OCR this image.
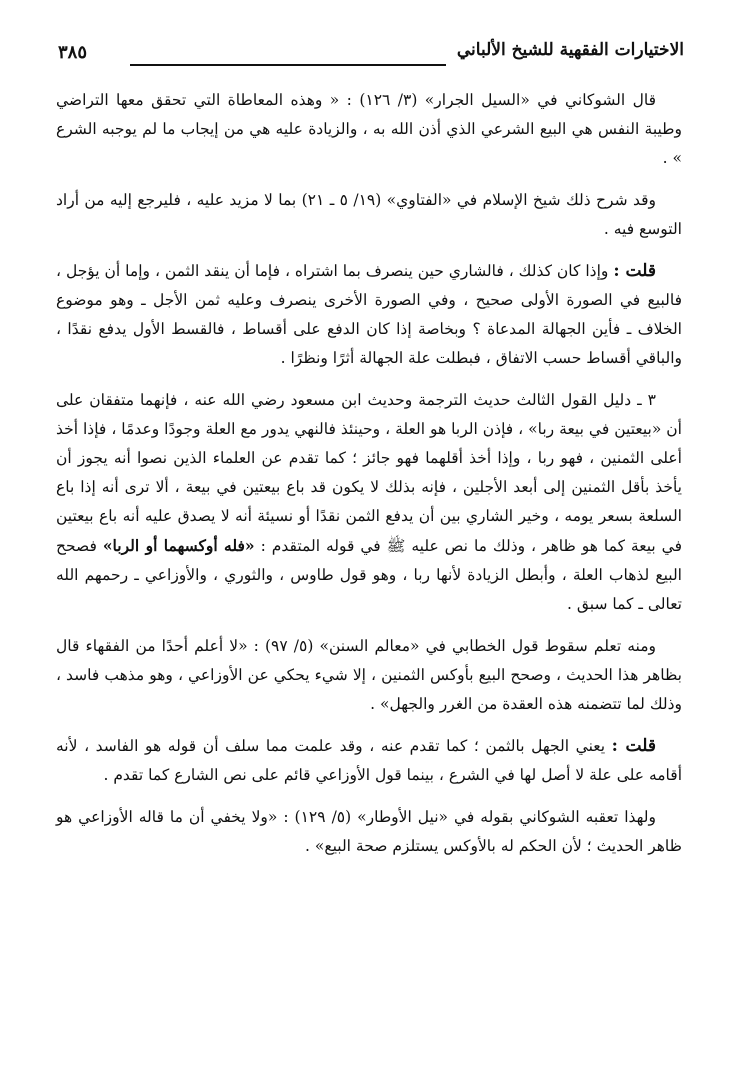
الاختيارات الفقهية للشيخ الألباني
٣٨٥

قال الشوكاني في «السيل الجرار» (٣/ ١٢٦) : « وهذه المعاطاة التي تحقق معها التراضي وطيبة النفس هي البيع الشرعي الذي أذن الله به ، والزيادة عليه هي من إيجاب ما لم يوجبه الشرع » .

وقد شرح ذلك شيخ الإسلام في «الفتاوي» (١٩/ ٥ ـ ٢١) بما لا مزيد عليه ، فليرجع إليه من أراد التوسع فيه .

قلت : وإذا كان كذلك ، فالشاري حين ينصرف بما اشتراه ، فإما أن ينقد الثمن ، وإما أن يؤجل ، فالبيع في الصورة الأولى صحيح ، وفي الصورة الأخرى ينصرف وعليه ثمن الأجل ـ وهو موضوع الخلاف ـ فأين الجهالة المدعاة ؟ وبخاصة إذا كان الدفع على أقساط ، فالقسط الأول يدفع نقدًا ، والباقي أقساط حسب الاتفاق ، فبطلت علة الجهالة أثرًا ونظرًا .

٣ ـ دليل القول الثالث حديث الترجمة وحديث ابن مسعود رضي الله عنه ، فإنهما متفقان على أن «بيعتين في بيعة ربا» ، فإذن الربا هو العلة ، وحينئذ فالنهي يدور مع العلة وجودًا وعدمًا ، فإذا أخذ أعلى الثمنين ، فهو ربا ، وإذا أخذ أقلهما فهو جائز ؛ كما تقدم عن العلماء الذين نصوا أنه يجوز أن يأخذ بأقل الثمنين إلى أبعد الأجلين ، فإنه بذلك لا يكون قد باع بيعتين في بيعة ، ألا ترى أنه إذا باع السلعة بسعر يومه ، وخير الشاري بين أن يدفع الثمن نقدًا أو نسيئة أنه لا يصدق عليه أنه باع بيعتين في بيعة كما هو ظاهر ، وذلك ما نص عليه ﷺ في قوله المتقدم : «فله أوكسهما أو الربا» فصحح البيع لذهاب العلة ، وأبطل الزيادة لأنها ربا ، وهو قول طاوس ، والثوري ، والأوزاعي ـ رحمهم الله تعالى ـ كما سبق .

ومنه تعلم سقوط قول الخطابي في «معالم السنن» (٥/ ٩٧) : «لا أعلم أحدًا من الفقهاء قال بظاهر هذا الحديث ، وصحح البيع بأوكس الثمنين ، إلا شيء يحكي عن الأوزاعي ، وهو مذهب فاسد ، وذلك لما تتضمنه هذه العقدة من الغرر والجهل» .

قلت : يعني الجهل بالثمن ؛ كما تقدم عنه ، وقد علمت مما سلف أن قوله هو الفاسد ، لأنه أقامه على علة لا أصل لها في الشرع ، بينما قول الأوزاعي قائم على نص الشارع كما تقدم .

ولهذا تعقبه الشوكاني بقوله في «نيل الأوطار» (٥/ ١٢٩) : «ولا يخفي أن ما قاله الأوزاعي هو ظاهر الحديث ؛ لأن الحكم له بالأوكس يستلزم صحة البيع» .
